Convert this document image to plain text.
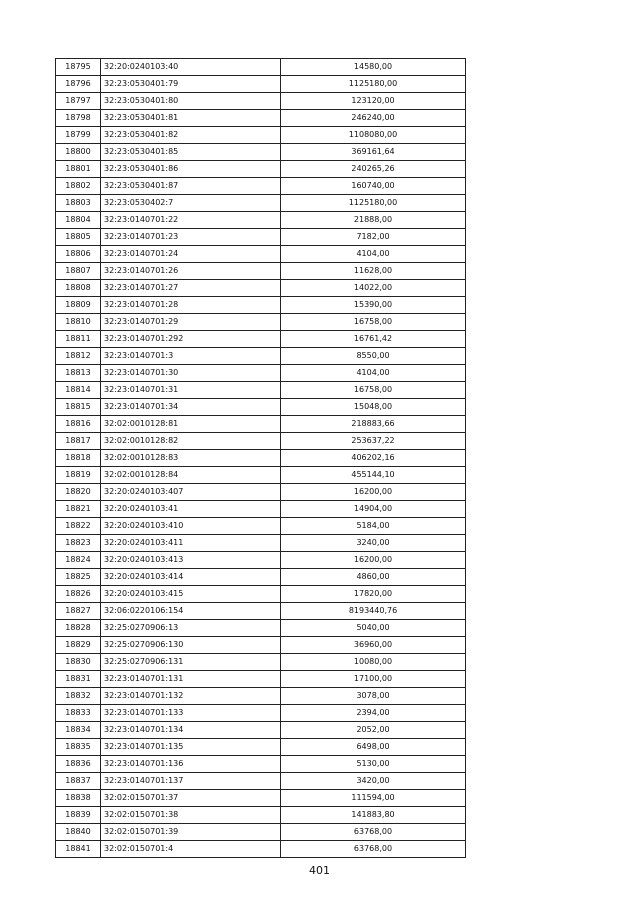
18795	32:20:0240103:40	14580,00
18796	32:23:0530401:79	1125180,00
18797	32:23:0530401:80	123120,00
18798	32:23:0530401:81	246240,00
18799	32:23:0530401:82	1108080,00
18800	32:23:0530401:85	369161,64
18801	32:23:0530401:86	240265,26
18802	32:23:0530401:87	160740,00
18803	32:23:0530402:7	1125180,00
18804	32:23:0140701:22	21888,00
18805	32:23:0140701:23	7182,00
18806	32:23:0140701:24	4104,00
18807	32:23:0140701:26	11628,00
18808	32:23:0140701:27	14022,00
18809	32:23:0140701:28	15390,00
18810	32:23:0140701:29	16758,00
18811	32:23:0140701:292	16761,42
18812	32:23:0140701:3	8550,00
18813	32:23:0140701:30	4104,00
18814	32:23:0140701:31	16758,00
18815	32:23:0140701:34	15048,00
18816	32:02:0010128:81	218883,66
18817	32:02:0010128:82	253637,22
18818	32:02:0010128:83	406202,16
18819	32:02:0010128:84	455144,10
18820	32:20:0240103:407	16200,00
18821	32:20:0240103:41	14904,00
18822	32:20:0240103:410	5184,00
18823	32:20:0240103:411	3240,00
18824	32:20:0240103:413	16200,00
18825	32:20:0240103:414	4860,00
18826	32:20:0240103:415	17820,00
18827	32:06:0220106:154	8193440,76
18828	32:25:0270906:13	5040,00
18829	32:25:0270906:130	36960,00
18830	32:25:0270906:131	10080,00
18831	32:23:0140701:131	17100,00
18832	32:23:0140701:132	3078,00
18833	32:23:0140701:133	2394,00
18834	32:23:0140701:134	2052,00
18835	32:23:0140701:135	6498,00
18836	32:23:0140701:136	5130,00
18837	32:23:0140701:137	3420,00
18838	32:02:0150701:37	111594,00
18839	32:02:0150701:38	141883,80
18840	32:02:0150701:39	63768,00
18841	32:02:0150701:4	63768,00
401
